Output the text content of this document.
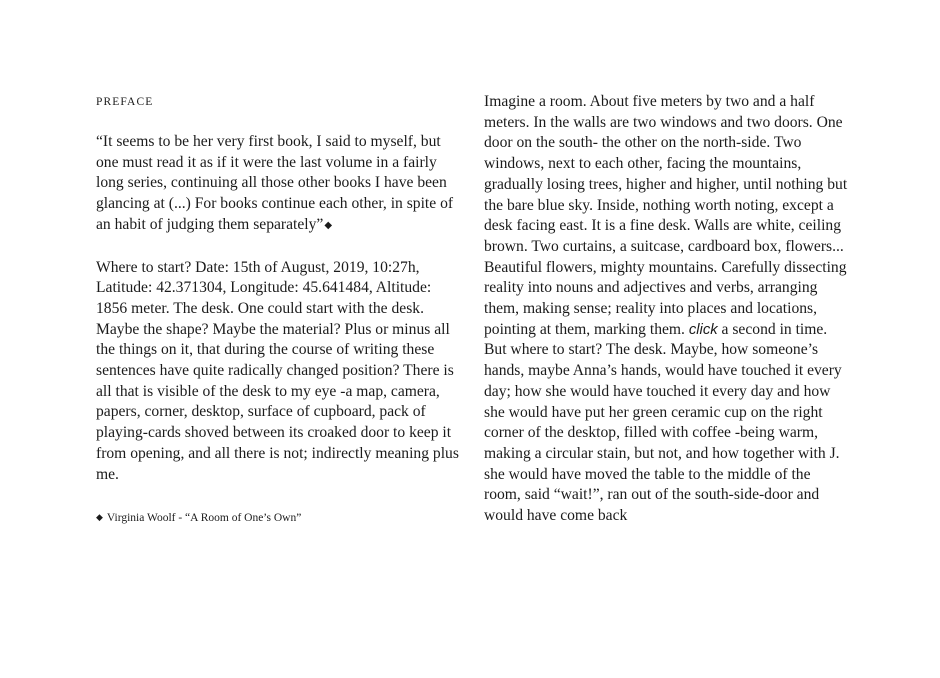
PREFACE

“It seems to be her very first book, I said to myself, but one must read it as if it were the last volume in a fairly long series, continuing all those other books I have been glancing at (...) For books continue each other, in spite of an habit of judging them separately”◆

Where to start? Date: 15th of August, 2019, 10:27h, Latitude: 42.371304, Longitude: 45.641484, Altitude: 1856 meter. The desk. One could start with the desk. Maybe the shape? Maybe the material? Plus or minus all the things on it, that during the course of writing these sentences have quite radically changed position? There is all that is visible of the desk to my eye -a map, camera, papers, corner, desktop, surface of cupboard, pack of playing-cards shoved between its croaked door to keep it from opening, and all there is not; indirectly meaning plus me.

◆ Virginia Woolf - “A Room of One’s Own”

Imagine a room. About five meters by two and a half meters. In the walls are two windows and two doors. One door on the south- the other on the north-side. Two windows, next to each other, facing the mountains, gradually losing trees, higher and higher, until nothing but the bare blue sky. Inside, nothing worth noting, except a desk facing east. It is a fine desk. Walls are white, ceiling brown. Two curtains, a suitcase, cardboard box, flowers... Beautiful flowers, mighty mountains. Carefully dissecting reality into nouns and adjectives and verbs, arranging them, making sense; reality into places and locations, pointing at them, marking them. click a second in time.

But where to start? The desk. Maybe, how someone’s hands, maybe Anna’s hands, would have touched it every day; how she would have touched it every day and how she would have put her green ceramic cup on the right corner of the desktop, filled with coffee -being warm, making a circular stain, but not, and how together with J. she would have moved the table to the middle of the room, said “wait!”, ran out of the south-side-door and would have come back
